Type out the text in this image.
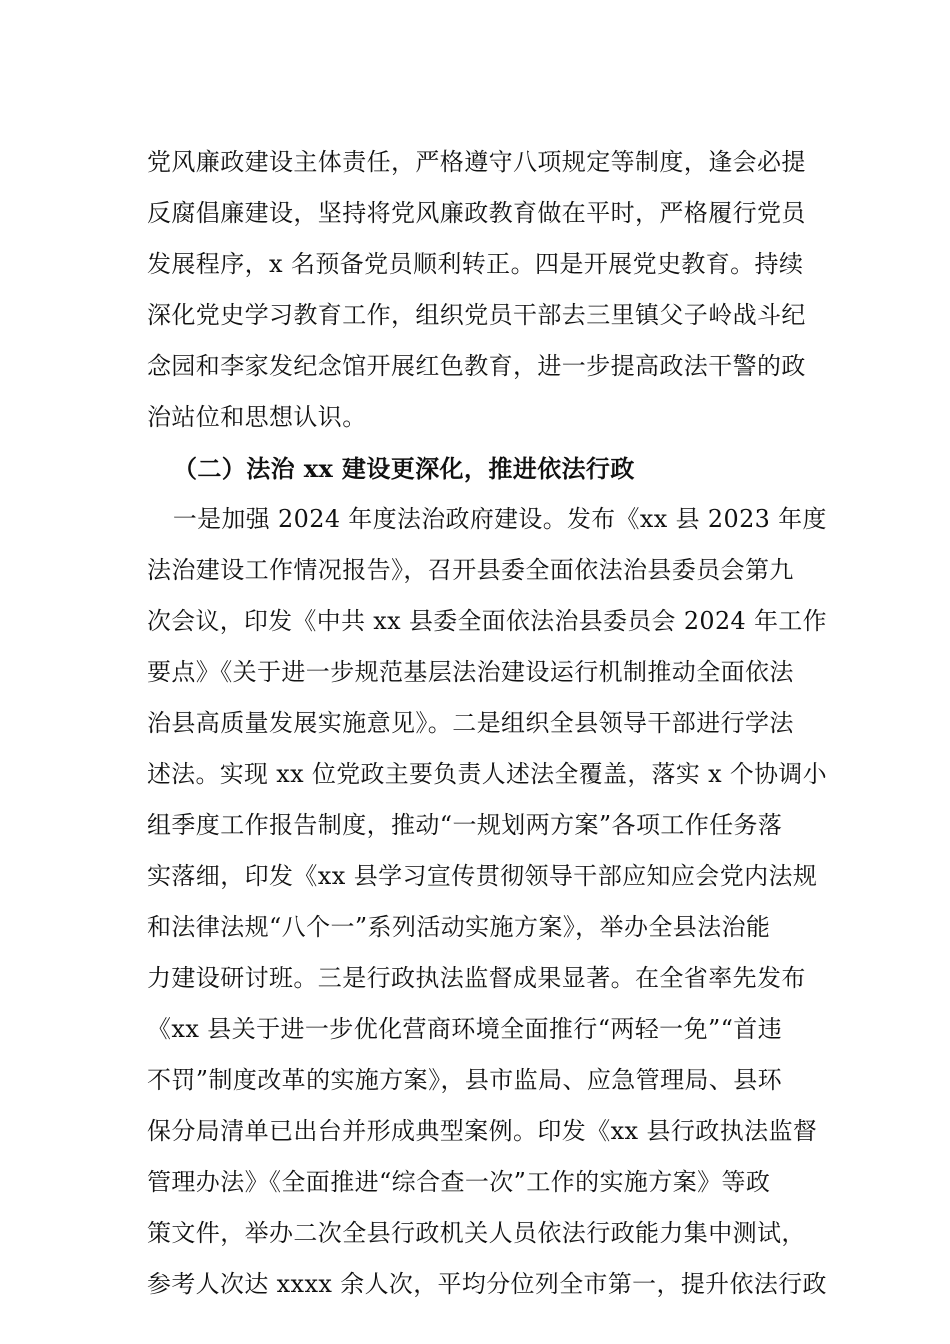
党风廉政建设主体责任，严格遵守八项规定等制度，逢会必提
反腐倡廉建设，坚持将党风廉政教育做在平时，严格履行党员
发展程序，x 名预备党员顺利转正。四是开展党史教育。持续
深化党史学习教育工作，组织党员干部去三里镇父子岭战斗纪
念园和李家发纪念馆开展红色教育，进一步提高政法干警的政
治站位和思想认识。
（二）法治 xx 建设更深化，推进依法行政
一是加强 2024 年度法治政府建设。发布《xx 县 2023 年度
法治建设工作情况报告》，召开县委全面依法治县委员会第九
次会议，印发《中共 xx 县委全面依法治县委员会 2024 年工作
要点》《关于进一步规范基层法治建设运行机制推动全面依法
治县高质量发展实施意见》。二是组织全县领导干部进行学法
述法。实现 xx 位党政主要负责人述法全覆盖，落实 x 个协调小
组季度工作报告制度，推动“一规划两方案”各项工作任务落
实落细，印发《xx 县学习宣传贯彻领导干部应知应会党内法规
和法律法规“八个一”系列活动实施方案》，举办全县法治能
力建设研讨班。三是行政执法监督成果显著。在全省率先发布
《xx 县关于进一步优化营商环境全面推行“两轻一免”“首违
不罚”制度改革的实施方案》，县市监局、应急管理局、县环
保分局清单已出台并形成典型案例。印发《xx 县行政执法监督
管理办法》《全面推进“综合查一次”工作的实施方案》等政
策文件，举办二次全县行政机关人员依法行政能力集中测试，
参考人次达 xxxx 余人次，平均分位列全市第一，提升依法行政
